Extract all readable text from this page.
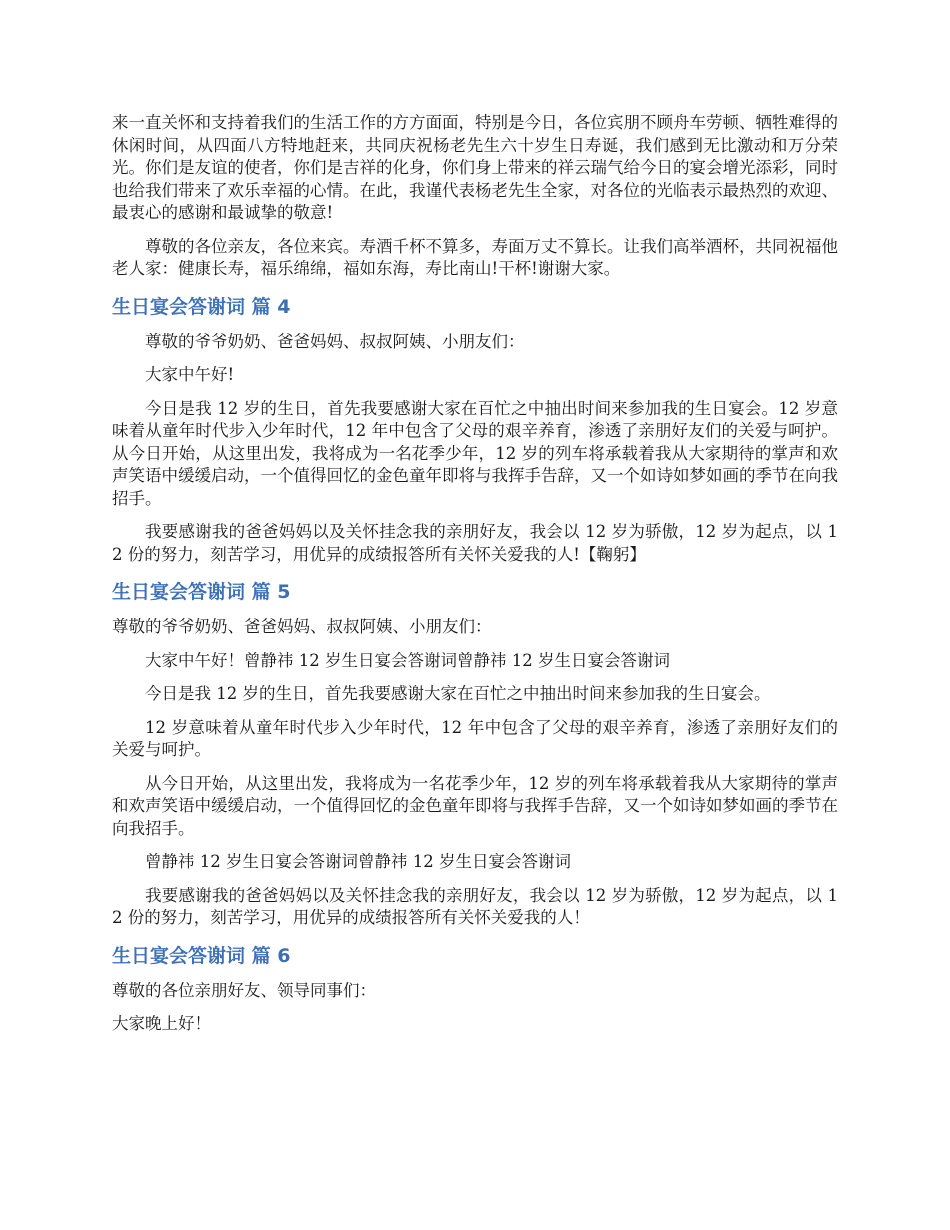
来一直关怀和支持着我们的生活工作的方方面面，特别是今日，各位宾朋不顾舟车劳顿、牺牲难得的休闲时间，从四面八方特地赶来，共同庆祝杨老先生六十岁生日寿诞，我们感到无比激动和万分荣光。你们是友谊的使者，你们是吉祥的化身，你们身上带来的祥云瑞气给今日的宴会增光添彩，同时也给我们带来了欢乐幸福的心情。在此，我谨代表杨老先生全家，对各位的光临表示最热烈的欢迎、最衷心的感谢和最诚挚的敬意!

尊敬的各位亲友，各位来宾。寿酒千杯不算多，寿面万丈不算长。让我们高举酒杯，共同祝福他老人家：健康长寿，福乐绵绵，福如东海，寿比南山!干杯!谢谢大家。

生日宴会答谢词 篇 4

尊敬的爷爷奶奶、爸爸妈妈、叔叔阿姨、小朋友们：

大家中午好!

今日是我 12 岁的生日，首先我要感谢大家在百忙之中抽出时间来参加我的生日宴会。12 岁意味着从童年时代步入少年时代，12 年中包含了父母的艰辛养育，渗透了亲朋好友们的关爱与呵护。从今日开始，从这里出发，我将成为一名花季少年，12 岁的列车将承载着我从大家期待的掌声和欢声笑语中缓缓启动，一个值得回忆的金色童年即将与我挥手告辞，又一个如诗如梦如画的季节在向我招手。

我要感谢我的爸爸妈妈以及关怀挂念我的亲朋好友，我会以 12 岁为骄傲，12 岁为起点，以 12 份的努力，刻苦学习，用优异的成绩报答所有关怀关爱我的人!【鞠躬】

生日宴会答谢词 篇 5

尊敬的爷爷奶奶、爸爸妈妈、叔叔阿姨、小朋友们：

大家中午好！曾静祎 12 岁生日宴会答谢词曾静祎 12 岁生日宴会答谢词

今日是我 12 岁的生日，首先我要感谢大家在百忙之中抽出时间来参加我的生日宴会。

12 岁意味着从童年时代步入少年时代，12 年中包含了父母的艰辛养育，渗透了亲朋好友们的关爱与呵护。

从今日开始，从这里出发，我将成为一名花季少年，12 岁的列车将承载着我从大家期待的掌声和欢声笑语中缓缓启动，一个值得回忆的金色童年即将与我挥手告辞，又一个如诗如梦如画的季节在向我招手。

曾静祎 12 岁生日宴会答谢词曾静祎 12 岁生日宴会答谢词

我要感谢我的爸爸妈妈以及关怀挂念我的亲朋好友，我会以 12 岁为骄傲，12 岁为起点，以 12 份的努力，刻苦学习，用优异的成绩报答所有关怀关爱我的人！

生日宴会答谢词 篇 6

尊敬的各位亲朋好友、领导同事们：

大家晚上好！
